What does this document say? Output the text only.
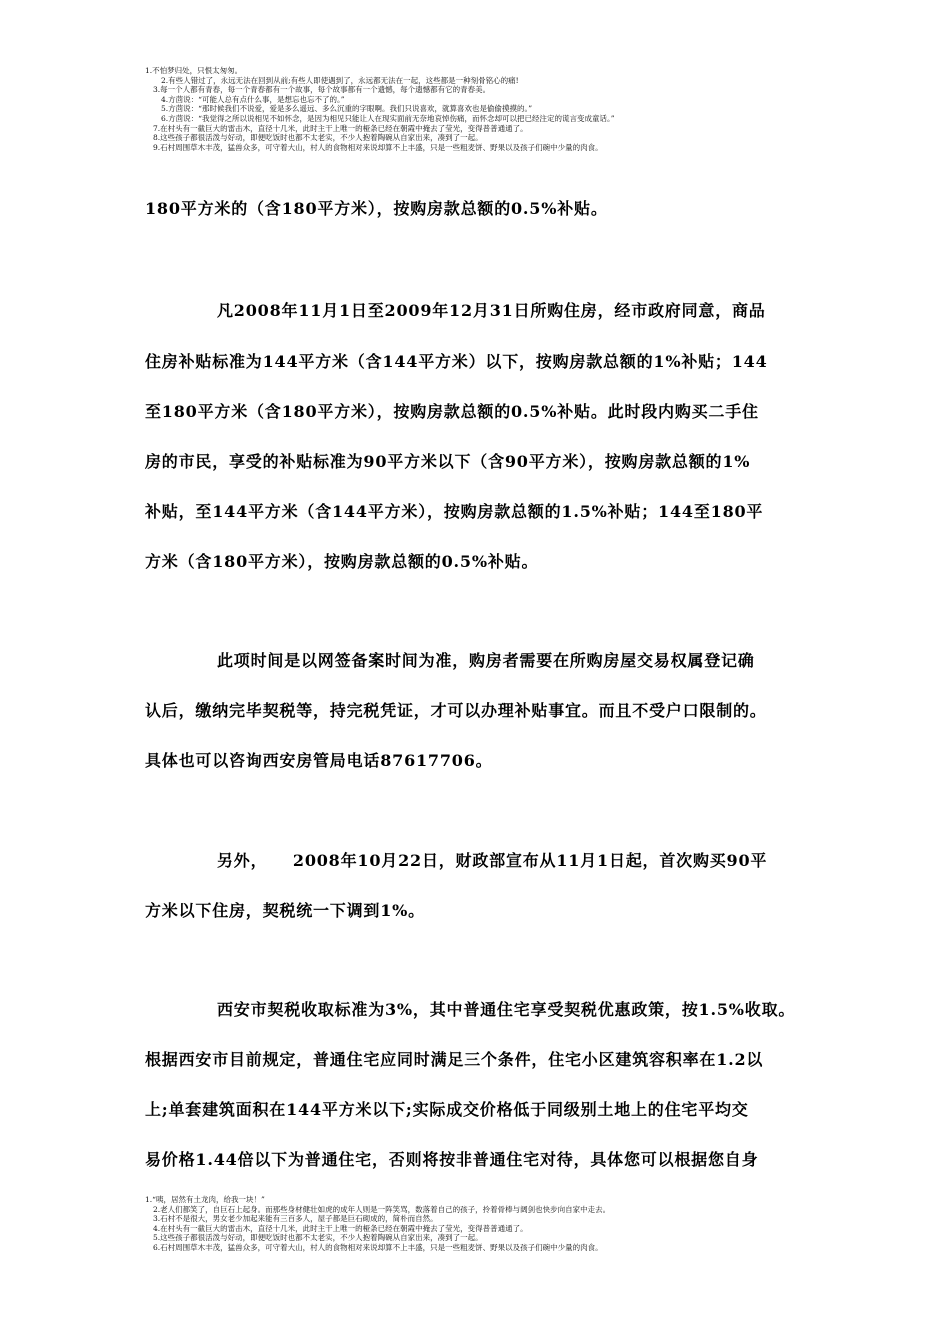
1.不怕梦归处，只恨太匆匆。
2.有些人错过了，永远无法在回到从前;有些人即使遇到了，永远都无法在一起，这些都是一种刻骨铭心的痛!
3.每一个人都有青春，每一个青春都有一个故事，每个故事都有一个遗憾，每个遗憾都有它的青春美。
4.方茴说：“可能人总有点什么事，是想忘也忘不了的。”
5.方茴说：“那时候我们不说爱，爱是多么遥远、多么沉重的字眼啊。我们只说喜欢，就算喜欢也是偷偷摸摸的。”
6.方茴说：“我觉得之所以说相见不如怀念，是因为相见只能让人在现实面前无奈地哀悼伤痛，而怀念却可以把已经注定的谎言变成童话。”
7.在村头有一截巨大的雷击木，直径十几米，此时主干上唯一的桠条已经在朝霞中掩去了莹光，变得普普通通了。
8.这些孩子都很活泼与好动，即便吃饭时也都不太老实，不少人抱着陶碗从自家出来，凑到了一起。
9.石村周围草木丰茂，猛兽众多，可守着大山，村人的食物相对来说却算不上丰盛，只是一些粗麦饼、野果以及孩子们碗中少量的肉食。
180平方米的（含180平方米），按购房款总额的0.5%补贴。
凡2008年11月1日至2009年12月31日所购住房，经市政府同意，商品
住房补贴标准为144平方米（含144平方米）以下，按购房款总额的1%补贴；144
至180平方米（含180平方米），按购房款总额的0.5%补贴。此时段内购买二手住
房的市民，享受的补贴标准为90平方米以下（含90平方米），按购房款总额的1%
补贴，至144平方米（含144平方米），按购房款总额的1.5%补贴；144至180平
方米（含180平方米），按购房款总额的0.5%补贴。
此项时间是以网签备案时间为准，购房者需要在所购房屋交易权属登记确
认后，缴纳完毕契税等，持完税凭证，才可以办理补贴事宜。而且不受户口限制的。
具体也可以咨询西安房管局电话87617706。
另外，    2008年10月22日，财政部宣布从11月1日起，首次购买90平
方米以下住房，契税统一下调到1%。
西安市契税收取标准为3%，其中普通住宅享受契税优惠政策，按1.5%收取。
根据西安市目前规定，普通住宅应同时满足三个条件，住宅小区建筑容积率在1.2以
上;单套建筑面积在144平方米以下;实际成交价格低于同级别土地上的住宅平均交
易价格1.44倍以下为普通住宅，否则将按非普通住宅对待，具体您可以根据您自身
1.“咦，居然有土龙肉，给我一块！”
2.老人们都笑了，自巨石上起身。而那些身材健壮如虎的成年人则是一阵笑骂，数落着自己的孩子，拎着骨棒与阔剑也快步向自家中走去。
3.石村不是很大，男女老少加起来能有三百多人，屋子都是巨石砌成的，简朴而自然。
4.在村头有一截巨大的雷击木，直径十几米，此时主干上唯一的桠条已经在朝霞中掩去了莹光，变得普普通通了。
5.这些孩子都很活泼与好动，即便吃饭时也都不太老实，不少人抱着陶碗从自家出来，凑到了一起。
6.石村周围草木丰茂，猛兽众多，可守着大山，村人的食物相对来说却算不上丰盛，只是一些粗麦饼、野果以及孩子们碗中少量的肉食。
